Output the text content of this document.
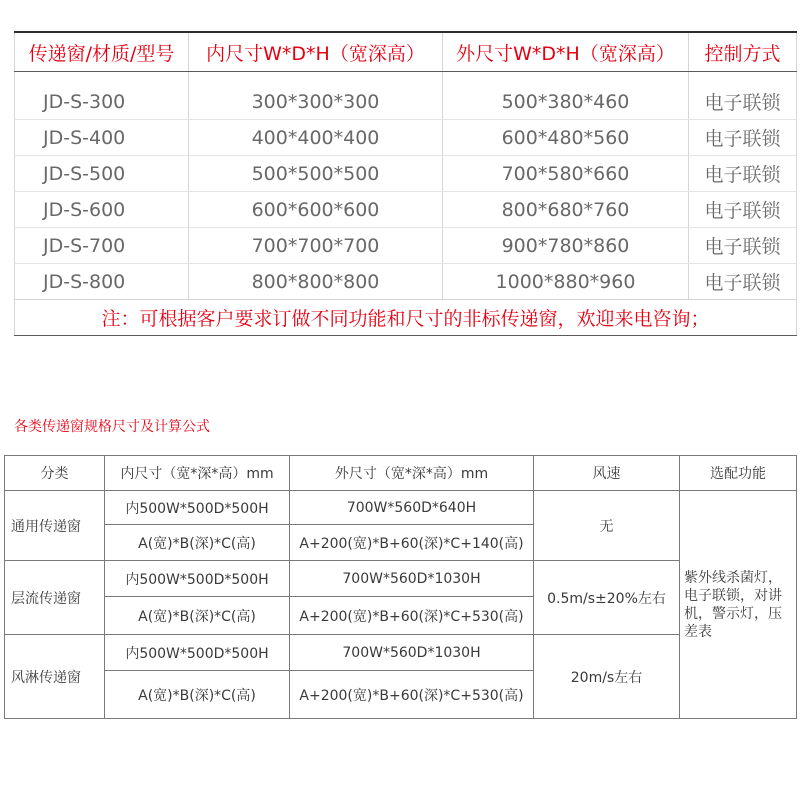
传递窗/材质/型号	内尺寸W*D*H（宽深高）	外尺寸W*D*H（宽深高）	控制方式

JD-S-300	300*300*300	500*380*460	电子联锁
JD-S-400	400*400*400	600*480*560	电子联锁
JD-S-500	500*500*500	700*580*660	电子联锁
JD-S-600	600*600*600	800*680*760	电子联锁
JD-S-700	700*700*700	900*780*860	电子联锁
JD-S-800	800*800*800	1000*880*960	电子联锁
注：可根据客户要求订做不同功能和尺寸的非标传递窗，欢迎来电咨询；			
各类传递窗规格尺寸及计算公式
分类	内尺寸（宽*深*高）mm	外尺寸（宽*深*高）mm	风速	选配功能
通用传递窗	内500W*500D*500H	700W*560D*640H	无	紫外线杀菌灯，电子联锁，对讲机，警示灯，压差表
	A(宽)*B(深)*C(高)	A+200(宽)*B+60(深)*C+140(高)		
层流传递窗	内500W*500D*500H	700W*560D*1030H	0.5m/s±20%左右	
	A(宽)*B(深)*C(高)	A+200(宽)*B+60(深)*C+530(高)		
风淋传递窗	内500W*500D*500H	700W*560D*1030H	20m/s左右	
	A(宽)*B(深)*C(高)	A+200(宽)*B+60(深)*C+530(高)		
